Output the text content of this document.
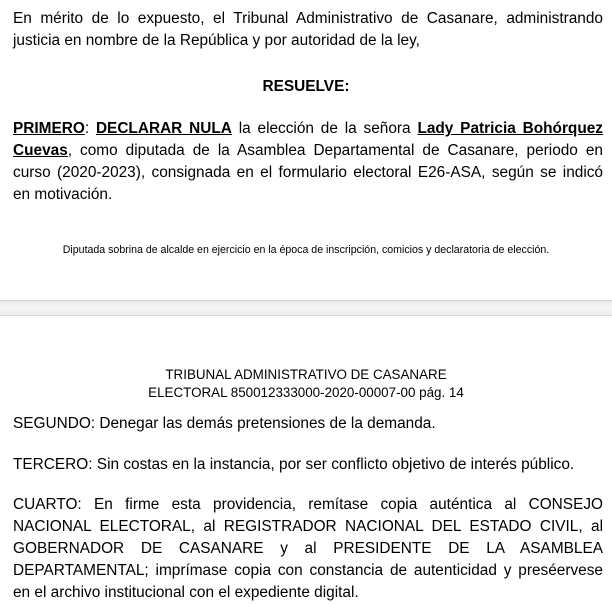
En mérito de lo expuesto, el Tribunal Administrativo de Casanare, administrando justicia en nombre de la República y por autoridad de la ley,

RESUELVE:

PRIMERO: DECLARAR NULA la elección de la señora Lady Patricia Bohórquez Cuevas, como diputada de la Asamblea Departamental de Casanare, periodo en curso (2020-2023), consignada en el formulario electoral E26-ASA, según se indicó en motivación.

Diputada sobrina de alcalde en ejercicio en la época de inscripción, comicios y declaratoria de elección.

TRIBUNAL ADMINISTRATIVO DE CASANARE

ELECTORAL 850012333000-2020-00007-00 pág. 14

SEGUNDO: Denegar las demás pretensiones de la demanda.

TERCERO: Sin costas en la instancia, por ser conflicto objetivo de interés público.

CUARTO: En firme esta providencia, remítase copia auténtica al CONSEJO NACIONAL ELECTORAL, al REGISTRADOR NACIONAL DEL ESTADO CIVIL, al GOBERNADOR DE CASANARE y al PRESIDENTE DE LA ASAMBLEA DEPARTAMENTAL; imprímase copia con constancia de autenticidad y preséervese en el archivo institucional con el expediente digital.
